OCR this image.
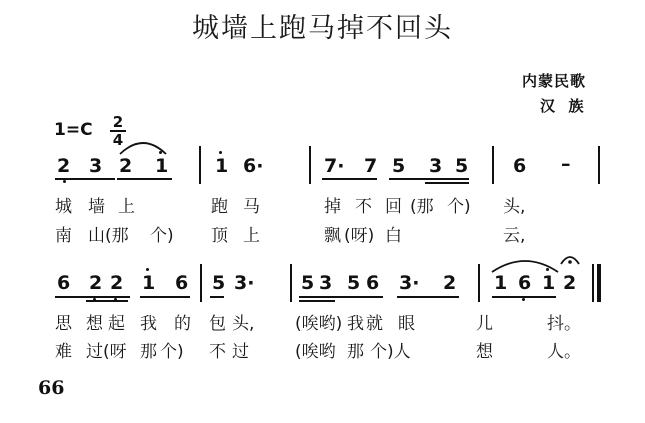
城墙上跑马掉不回头
内蒙民歌
汉  族
1=C 2
4
2 3 2 1 1 6·	7· 7 5 3 5 6 –
城 墙 上	跑 马	掉 不 回 (那 个) 头,
南 山(那 个) 顶 上	飘 (呀) 白	云,
6 2 2 1 6 5 3· 5 3 5 6 3· 2 1 6 1 2
思 想 起 我 的 包 头, (唉哟) 我 就 眼	儿	抖。
难 过(呀 那 个) 不 过	(唉哟 那 个)人	想	人。
66
